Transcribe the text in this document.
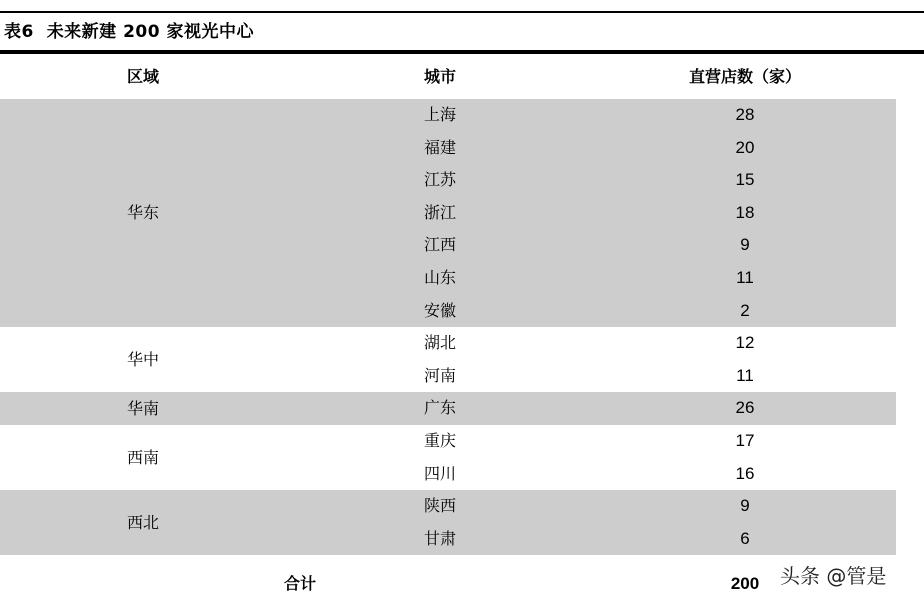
表6 未来新建 200 家视光中心
区域	城市	直营店数（家）
华东
上海	28
福建	20
江苏	15
浙江	18
江西	9
山东	11
安徽	2
华中
湖北	12
河南	11
华南	广东	26
西南
重庆	17
四川	16
西北
陕西	9
甘肃	6
合计	200	头条 @管是
